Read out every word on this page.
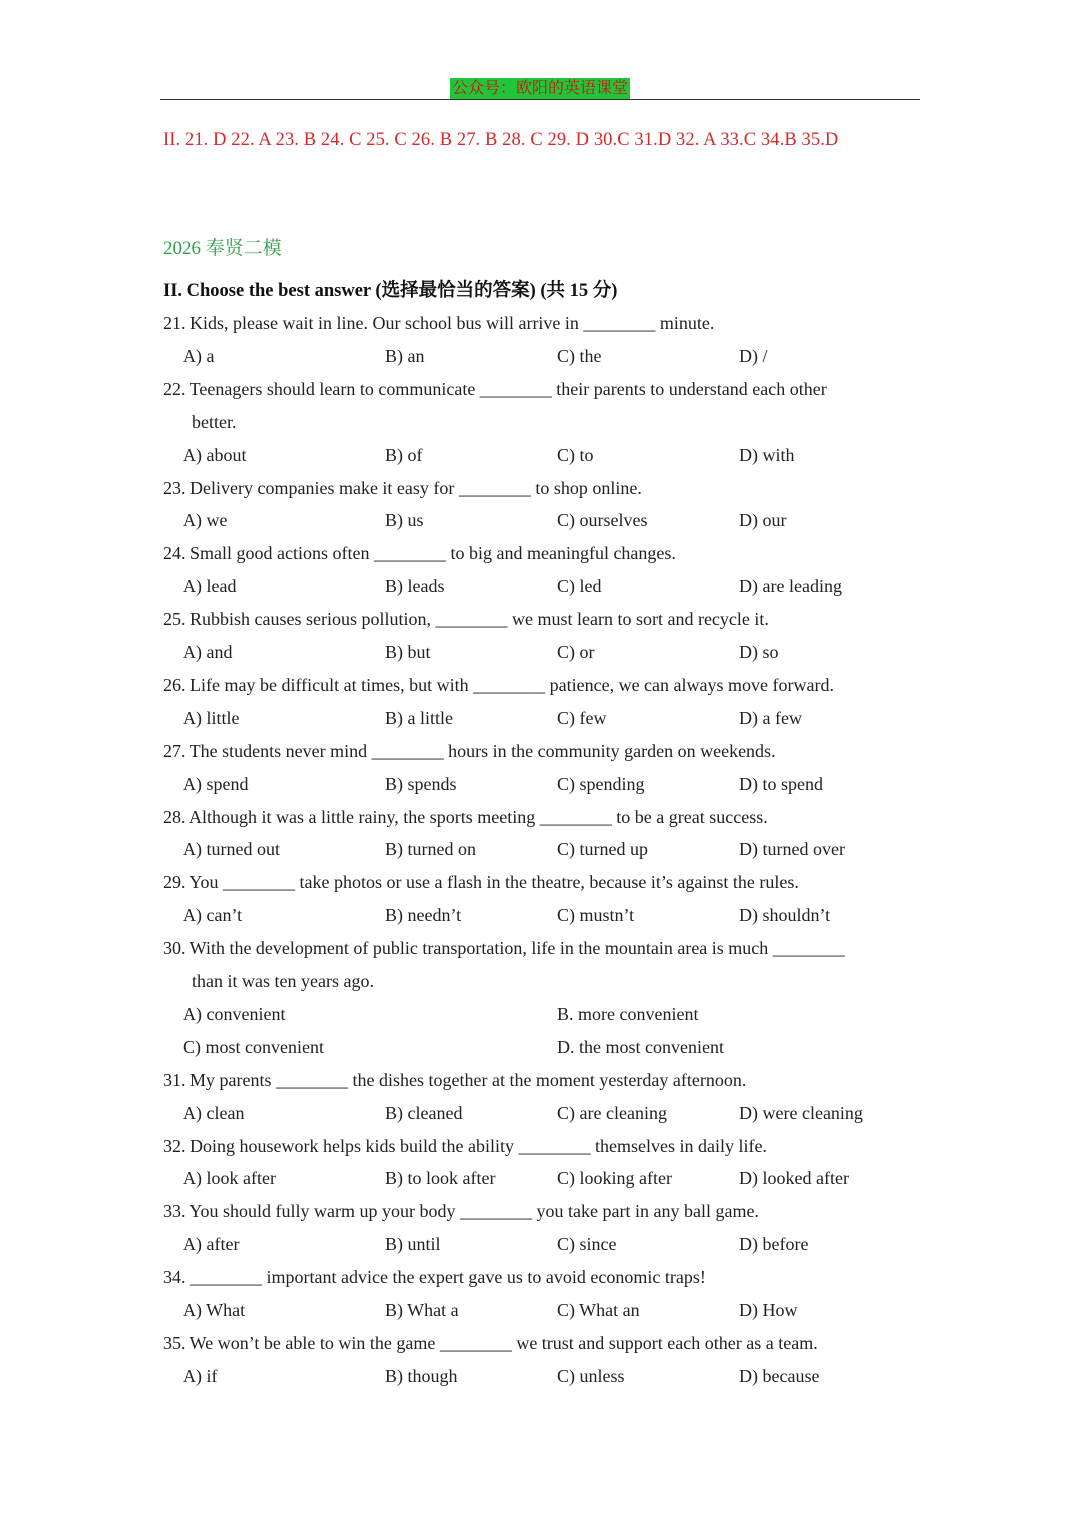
公众号：欧阳的英语课堂
II. 21. D 22. A 23. B 24. C 25. C 26. B 27. B 28. C 29. D 30.C 31.D 32. A 33.C 34.B 35.D
2026 奉贤二模
II. Choose the best answer (选择最恰当的答案) (共 15 分)
21. Kids, please wait in line. Our school bus will arrive in ________ minute.
A) a	B) an	C) the	D) /
22. Teenagers should learn to communicate ________ their parents to understand each other
better.
A) about	B) of	C) to	D) with
23. Delivery companies make it easy for ________ to shop online.
A) we	B) us	C) ourselves	D) our
24. Small good actions often ________ to big and meaningful changes.
A) lead	B) leads	C) led	D) are leading
25. Rubbish causes serious pollution, ________ we must learn to sort and recycle it.
A) and	B) but	C) or	D) so
26. Life may be difficult at times, but with ________ patience, we can always move forward.
A) little	B) a little	C) few	D) a few
27. The students never mind ________ hours in the community garden on weekends.
A) spend	B) spends	C) spending	D) to spend
28. Although it was a little rainy, the sports meeting ________ to be a great success.
A) turned out	B) turned on	C) turned up	D) turned over
29. You ________ take photos or use a flash in the theatre, because it’s against the rules.
A) can’t	B) needn’t	C) mustn’t	D) shouldn’t
30. With the development of public transportation, life in the mountain area is much ________
than it was ten years ago.
A) convenient	B. more convenient
C) most convenient	D. the most convenient
31. My parents ________ the dishes together at the moment yesterday afternoon.
A) clean	B) cleaned	C) are cleaning	D) were cleaning
32. Doing housework helps kids build the ability ________ themselves in daily life.
A) look after	B) to look after	C) looking after	D) looked after
33. You should fully warm up your body ________ you take part in any ball game.
A) after	B) until	C) since	D) before
34. ________ important advice the expert gave us to avoid economic traps!
A) What	B) What a	C) What an	D) How
35. We won’t be able to win the game ________ we trust and support each other as a team.
A) if	B) though	C) unless	D) because
